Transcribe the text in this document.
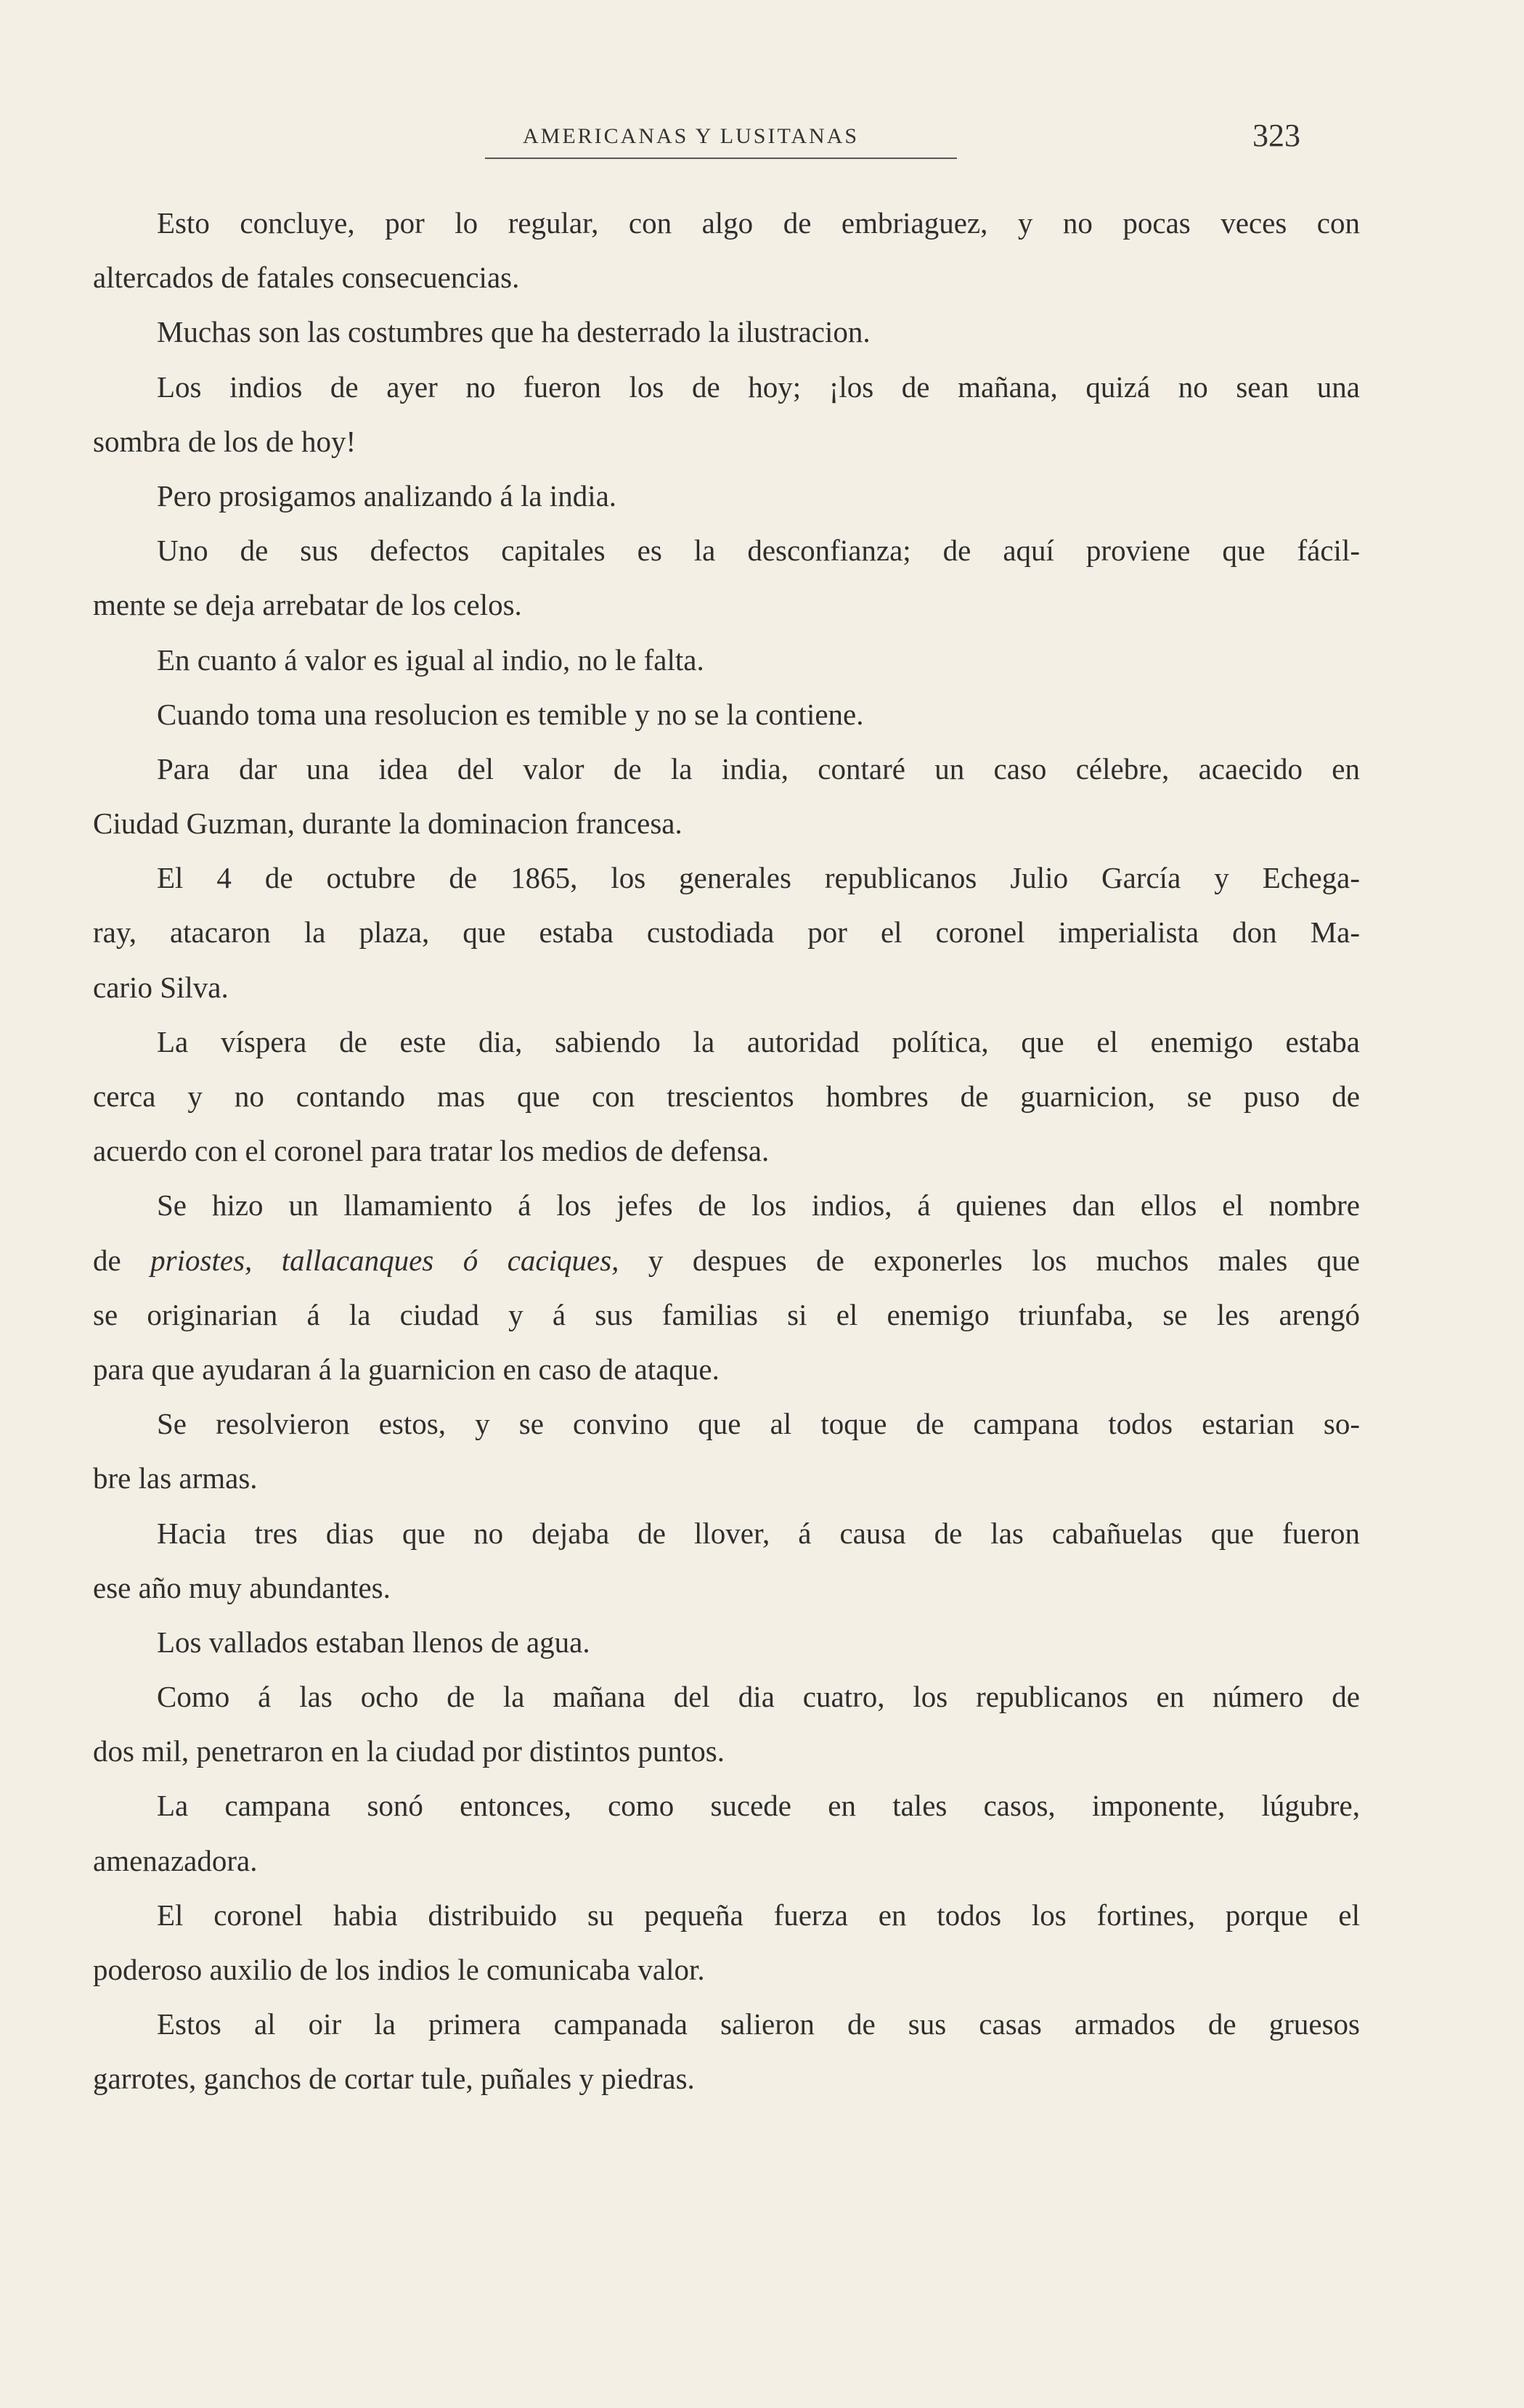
AMERICANAS Y LUSITANAS	323
Esto concluye, por lo regular, con algo de embriaguez, y no pocas veces con
altercados de fatales consecuencias.
Muchas son las costumbres que ha desterrado la ilustracion.
Los indios de ayer no fueron los de hoy; ¡los de mañana, quizá no sean una
sombra de los de hoy!
Pero prosigamos analizando á la india.
Uno de sus defectos capitales es la desconfianza; de aquí proviene que fácil-
mente se deja arrebatar de los celos.
En cuanto á valor es igual al indio, no le falta.
Cuando toma una resolucion es temible y no se la contiene.
Para dar una idea del valor de la india, contaré un caso célebre, acaecido en
Ciudad Guzman, durante la dominacion francesa.
El 4 de octubre de 1865, los generales republicanos Julio García y Echega-
ray, atacaron la plaza, que estaba custodiada por el coronel imperialista don Ma-
cario Silva.
La víspera de este dia, sabiendo la autoridad política, que el enemigo estaba
cerca y no contando mas que con trescientos hombres de guarnicion, se puso de
acuerdo con el coronel para tratar los medios de defensa.
Se hizo un llamamiento á los jefes de los indios, á quienes dan ellos el nombre
de priostes, tallacanques ó caciques, y despues de exponerles los muchos males que
se originarian á la ciudad y á sus familias si el enemigo triunfaba, se les arengó
para que ayudaran á la guarnicion en caso de ataque.
Se resolvieron estos, y se convino que al toque de campana todos estarian so-
bre las armas.
Hacia tres dias que no dejaba de llover, á causa de las cabañuelas que fueron
ese año muy abundantes.
Los vallados estaban llenos de agua.
Como á las ocho de la mañana del dia cuatro, los republicanos en número de
dos mil, penetraron en la ciudad por distintos puntos.
La campana sonó entonces, como sucede en tales casos, imponente, lúgubre,
amenazadora.
El coronel habia distribuido su pequeña fuerza en todos los fortines, porque el
poderoso auxilio de los indios le comunicaba valor.
Estos al oir la primera campanada salieron de sus casas armados de gruesos
garrotes, ganchos de cortar tule, puñales y piedras.
